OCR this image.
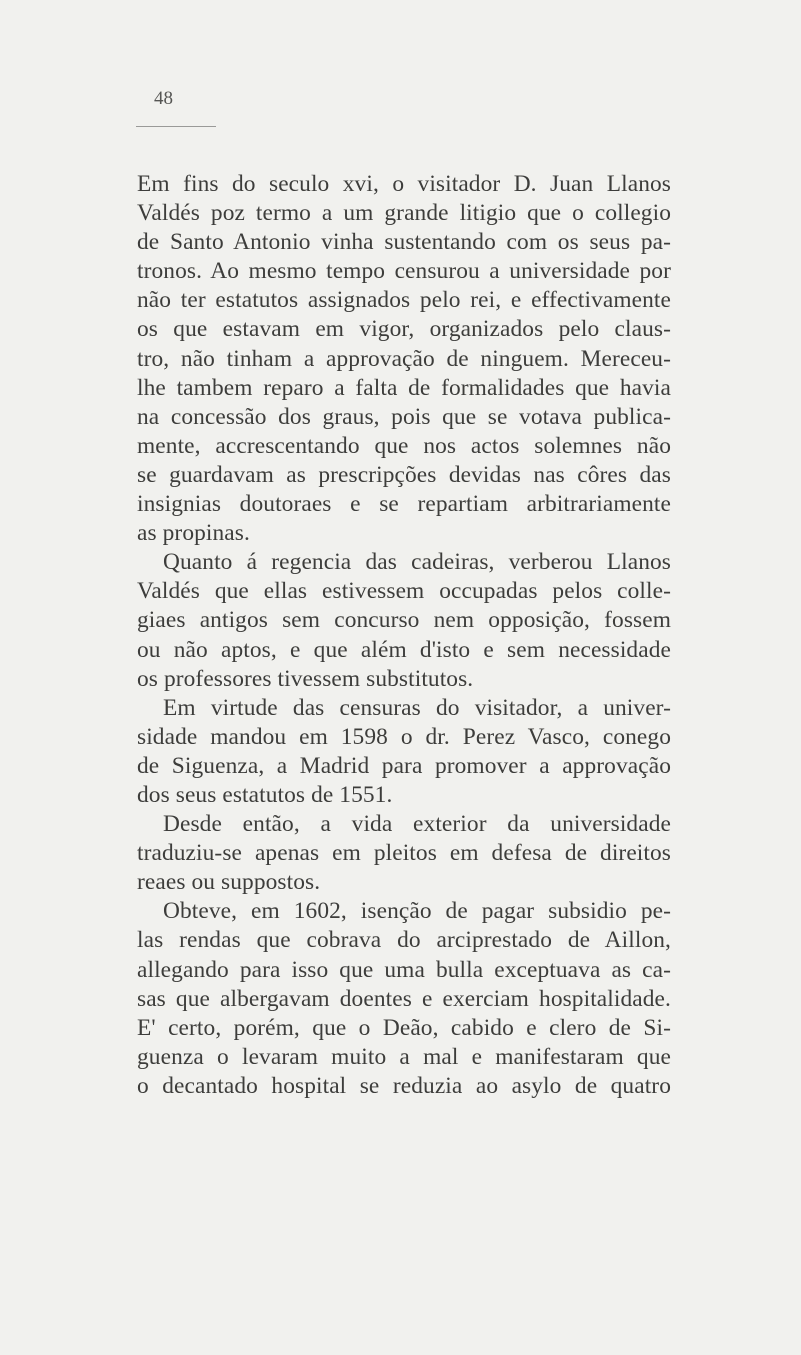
48
Em fins do seculo xvi, o visitador D. Juan Llanos
Valdés poz termo a um grande litigio que o collegio
de Santo Antonio vinha sustentando com os seus pa-
tronos. Ao mesmo tempo censurou a universidade por
não ter estatutos assignados pelo rei, e effectivamente
os que estavam em vigor, organizados pelo claus-
tro, não tinham a approvação de ninguem. Mereceu-
lhe tambem reparo a falta de formalidades que havia
na concessão dos graus, pois que se votava publica-
mente, accrescentando que nos actos solemnes não
se guardavam as prescripções devidas nas côres das
insignias doutoraes e se repartiam arbitrariamente
as propinas.
Quanto á regencia das cadeiras, verberou Llanos
Valdés que ellas estivessem occupadas pelos colle-
giaes antigos sem concurso nem opposição, fossem
ou não aptos, e que além d'isto e sem necessidade
os professores tivessem substitutos.
Em virtude das censuras do visitador, a univer-
sidade mandou em 1598 o dr. Perez Vasco, conego
de Siguenza, a Madrid para promover a approvação
dos seus estatutos de 1551.
Desde então, a vida exterior da universidade
traduziu-se apenas em pleitos em defesa de direitos
reaes ou suppostos.
Obteve, em 1602, isenção de pagar subsidio pe-
las rendas que cobrava do arciprestado de Aillon,
allegando para isso que uma bulla exceptuava as ca-
sas que albergavam doentes e exerciam hospitalidade.
E' certo, porém, que o Deão, cabido e clero de Si-
guenza o levaram muito a mal e manifestaram que
o decantado hospital se reduzia ao asylo de quatro
